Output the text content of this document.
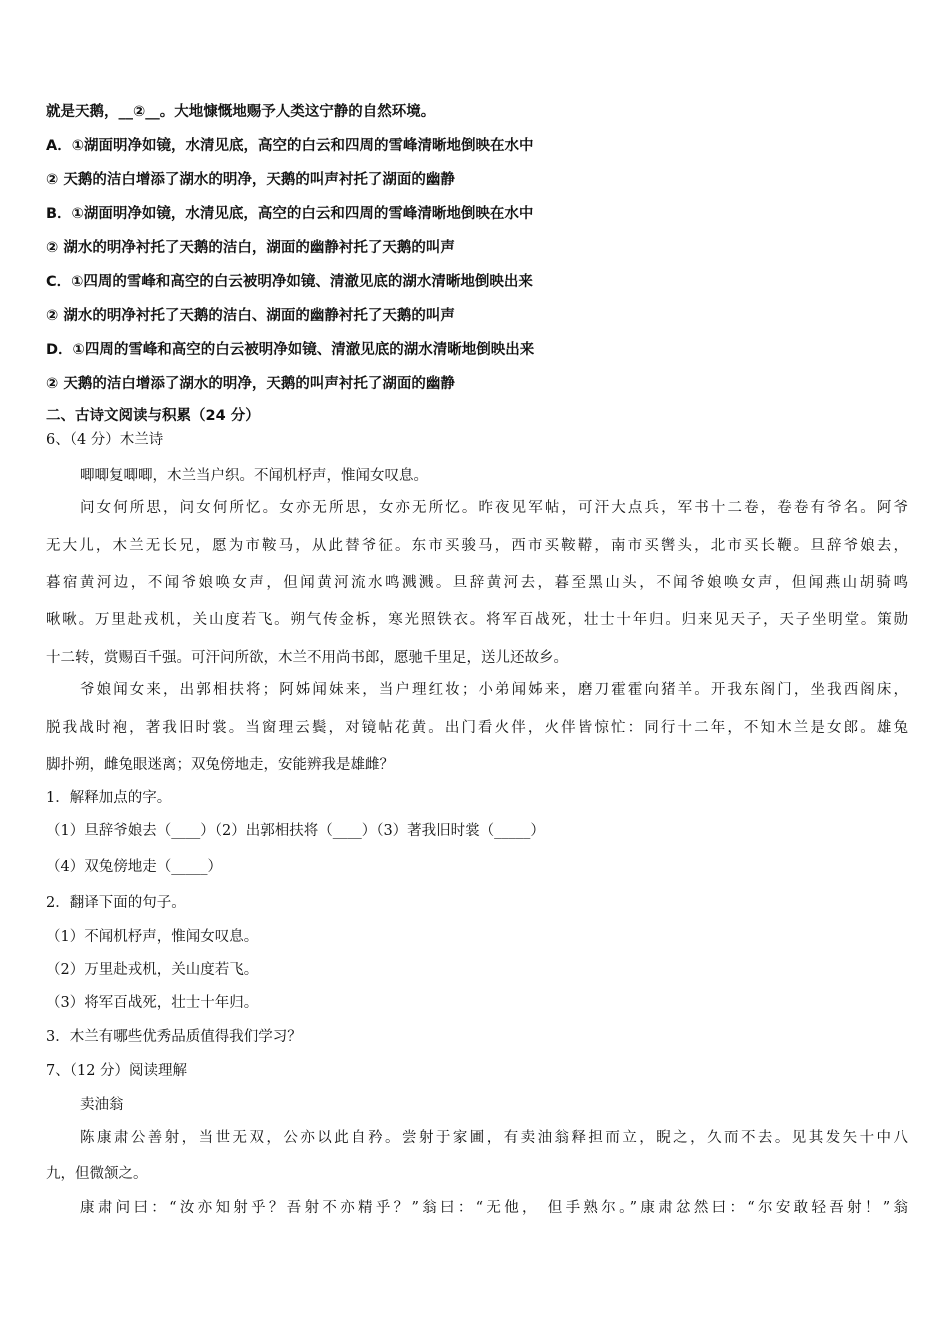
就是天鹅，__②__。大地慷慨地赐予人类这宁静的自然环境。
A．①湖面明净如镜，水清见底，高空的白云和四周的雪峰清晰地倒映在水中
② 天鹅的洁白增添了湖水的明净，天鹅的叫声衬托了湖面的幽静
B．①湖面明净如镜，水清见底，高空的白云和四周的雪峰清晰地倒映在水中
② 湖水的明净衬托了天鹅的洁白，湖面的幽静衬托了天鹅的叫声
C．①四周的雪峰和高空的白云被明净如镜、清澈见底的湖水清晰地倒映出来
② 湖水的明净衬托了天鹅的洁白、湖面的幽静衬托了天鹅的叫声
D．①四周的雪峰和高空的白云被明净如镜、清澈见底的湖水清晰地倒映出来
② 天鹅的洁白增添了湖水的明净，天鹅的叫声衬托了湖面的幽静
二、古诗文阅读与积累（24 分）
6、（4 分）木兰诗
唧唧复唧唧，木兰当户织。不闻机杼声，惟闻女叹息。
问女何所思，问女何所忆。女亦无所思，女亦无所忆。昨夜见军帖，可汗大点兵，军书十二卷，卷卷有爷名。阿爷
无大儿，木兰无长兄，愿为市鞍马，从此替爷征。东市买骏马，西市买鞍鞯，南市买辔头，北市买长鞭。旦辞爷娘去，
暮宿黄河边，不闻爷娘唤女声，但闻黄河流水鸣溅溅。旦辞黄河去，暮至黑山头，不闻爷娘唤女声，但闻燕山胡骑鸣
啾啾。万里赴戎机，关山度若飞。朔气传金柝，寒光照铁衣。将军百战死，壮士十年归。归来见天子，天子坐明堂。策勋
十二转，赏赐百千强。可汗问所欲，木兰不用尚书郎，愿驰千里足，送儿还故乡。
爷娘闻女来，出郭相扶将；阿姊闻妹来，当户理红妆；小弟闻姊来，磨刀霍霍向猪羊。开我东阁门，坐我西阁床，
脱我战时袍，著我旧时裳。当窗理云鬓，对镜帖花黄。出门看火伴，火伴皆惊忙：同行十二年，不知木兰是女郎。雄兔
脚扑朔，雌兔眼迷离；双兔傍地走，安能辨我是雄雌？
1．解释加点的字。
（1）旦辞爷娘去（____）（2）出郭相扶将（____）（3）著我旧时裳（_____）
（4）双兔傍地走（_____）
2．翻译下面的句子。
（1）不闻机杼声，惟闻女叹息。
（2）万里赴戎机，关山度若飞。
（3）将军百战死，壮士十年归。
3．木兰有哪些优秀品质值得我们学习？
7、（12 分）阅读理解
卖油翁
陈康肃公善射，当世无双，公亦以此自矜。尝射于家圃，有卖油翁释担而立，睨之，久而不去。见其发矢十中八
九，但微颔之。
康肃问曰：“汝亦知射乎？吾射不亦精乎？”翁曰：“无他， 但手熟尔。”康肃忿然曰：“尔安敢轻吾射！”翁
